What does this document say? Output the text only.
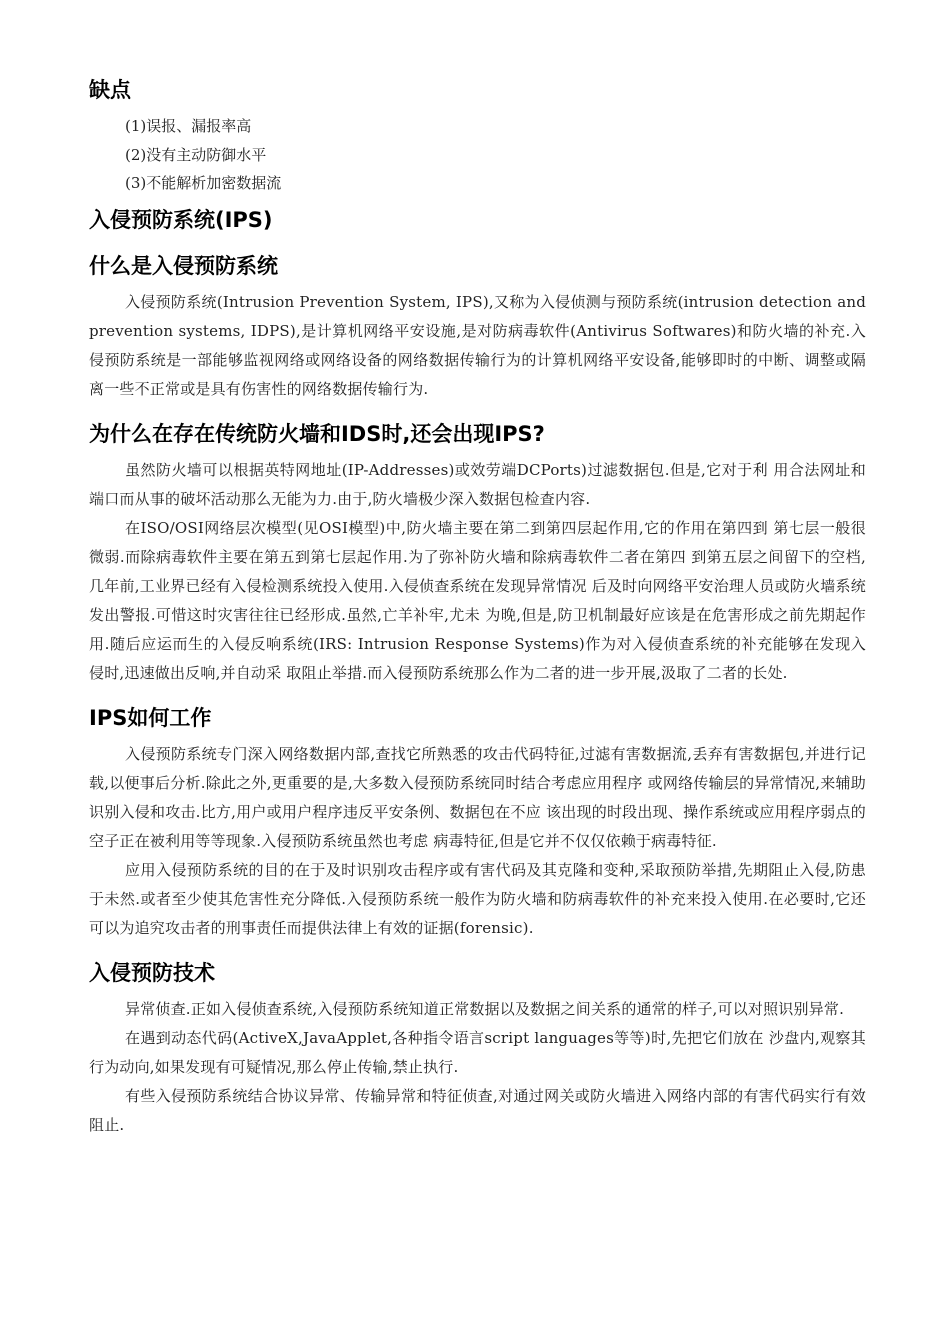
缺点
(1)误报、漏报率高
(2)没有主动防御水平
(3)不能解析加密数据流
入侵预防系统(IPS)
什么是入侵预防系统

入侵预防系统(Intrusion Prevention System, IPS),又称为入侵侦测与预防系统(intrusion detection and prevention systems, IDPS),是计算机网络平安设施,是对防病毒软件(Antivirus Softwares)和防火墙的补充.入侵预防系统是一部能够监视网络或网络设备的网络数据传输行为的计算机网络平安设备,能够即时的中断、调整或隔离一些不正常或是具有伤害性的网络数据传输行为.

为什么在存在传统防火墙和IDS时,还会出现IPS?

虽然防火墙可以根据英特网地址(IP-Addresses)或效劳端DCPorts)过滤数据包.但是,它对于利 用合法网址和端口而从事的破坏活动那么无能为力.由于,防火墙极少深入数据包检查内容.

在ISO/OSI网络层次模型(见OSI模型)中,防火墙主要在第二到第四层起作用,它的作用在第四到 第七层一般很微弱.而除病毒软件主要在第五到第七层起作用.为了弥补防火墙和除病毒软件二者在第四 到第五层之间留下的空档,几年前,工业界已经有入侵检测系统投入使用.入侵侦查系统在发现异常情况 后及时向网络平安治理人员或防火墙系统发出警报.可惜这时灾害往往已经形成.虽然,亡羊补牢,尤未 为晚,但是,防卫机制最好应该是在危害形成之前先期起作用.随后应运而生的入侵反响系统(IRS: Intrusion Response Systems)作为对入侵侦查系统的补充能够在发现入侵时,迅速做出反响,并自动采 取阻止举措.而入侵预防系统那么作为二者的进一步开展,汲取了二者的长处.

IPS如何工作

入侵预防系统专门深入网络数据内部,查找它所熟悉的攻击代码特征,过滤有害数据流,丢弃有害数据包,并进行记载,以便事后分析.除此之外,更重要的是,大多数入侵预防系统同时结合考虑应用程序 或网络传输层的异常情况,来辅助识别入侵和攻击.比方,用户或用户程序违反平安条例、数据包在不应 该出现的时段出现、操作系统或应用程序弱点的空子正在被利用等等现象.入侵预防系统虽然也考虑 病毒特征,但是它并不仅仅依赖于病毒特征.

应用入侵预防系统的目的在于及时识别攻击程序或有害代码及其克隆和变种,采取预防举措,先期阻止入侵,防患于未然.或者至少使其危害性充分降低.入侵预防系统一般作为防火墙和防病毒软件的补充来投入使用.在必要时,它还可以为追究攻击者的刑事责任而提供法律上有效的证据(forensic).

入侵预防技术

异常侦查.正如入侵侦查系统,入侵预防系统知道正常数据以及数据之间关系的通常的样子,可以对照识别异常.

在遇到动态代码(ActiveX,JavaApplet,各种指令语言script languages等等)时,先把它们放在 沙盘内,观察其行为动向,如果发现有可疑情况,那么停止传输,禁止执行.

有些入侵预防系统结合协议异常、传输异常和特征侦查,对通过网关或防火墙进入网络内部的有害代码实行有效阻止.
